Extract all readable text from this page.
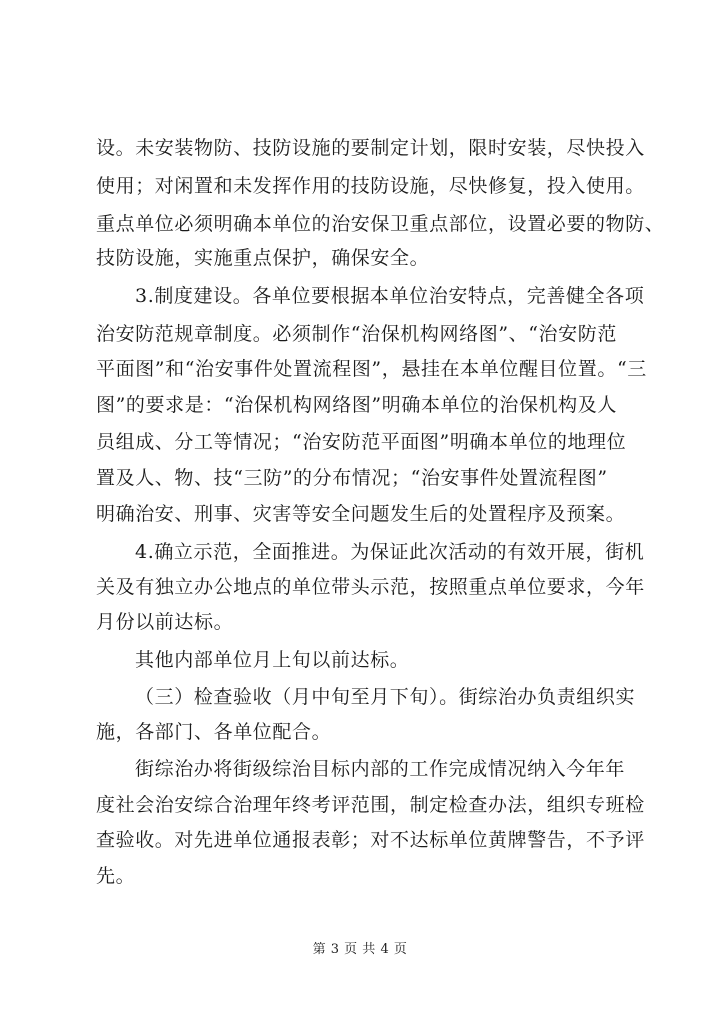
设。未安装物防、技防设施的要制定计划，限时安装，尽快投入
使用；对闲置和未发挥作用的技防设施，尽快修复，投入使用。
重点单位必须明确本单位的治安保卫重点部位，设置必要的物防、
技防设施，实施重点保护，确保安全。
3.制度建设。各单位要根据本单位治安特点，完善健全各项
治安防范规章制度。必须制作“治保机构网络图”、“治安防范
平面图”和“治安事件处置流程图”，悬挂在本单位醒目位置。“三
图”的要求是：“治保机构网络图”明确本单位的治保机构及人
员组成、分工等情况；“治安防范平面图”明确本单位的地理位
置及人、物、技“三防”的分布情况；“治安事件处置流程图”
明确治安、刑事、灾害等安全问题发生后的处置程序及预案。
4.确立示范，全面推进。为保证此次活动的有效开展，街机
关及有独立办公地点的单位带头示范，按照重点单位要求，今年
月份以前达标。
其他内部单位月上旬以前达标。
（三）检查验收（月中旬至月下旬）。街综治办负责组织实
施，各部门、各单位配合。
街综治办将街级综治目标内部的工作完成情况纳入今年年
度社会治安综合治理年终考评范围，制定检查办法，组织专班检
查验收。对先进单位通报表彰；对不达标单位黄牌警告，不予评
先。
第 3 页 共 4 页
